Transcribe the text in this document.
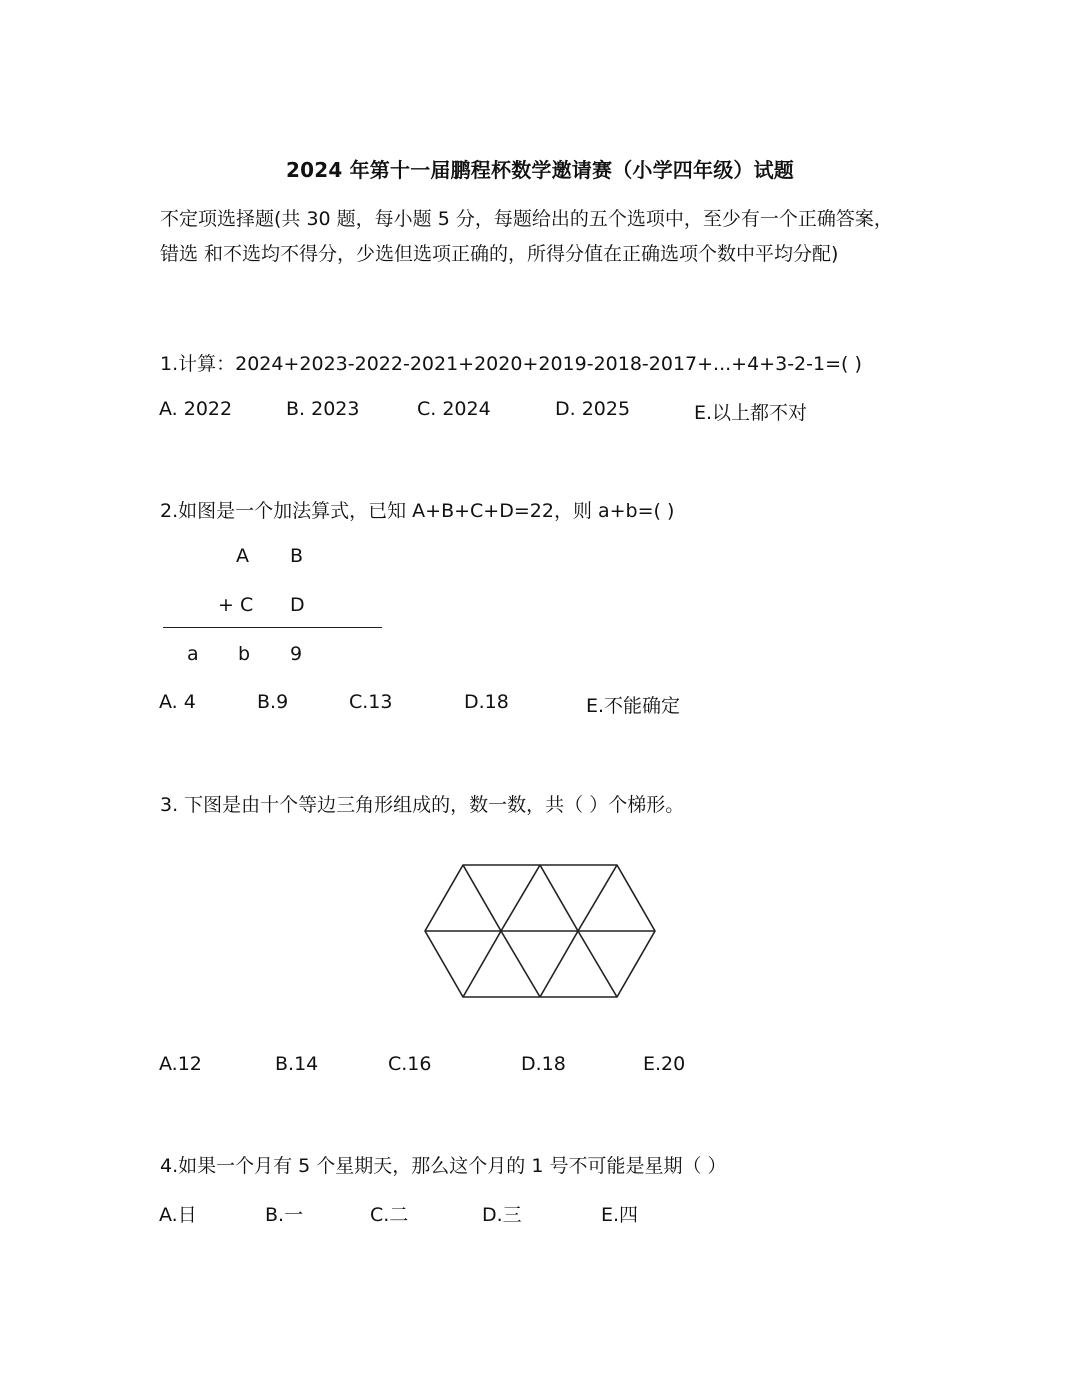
2024 年第十一届鹏程杯数学邀请赛（小学四年级）试题
不定项选择题(共 30 题，每小题 5 分，每题给出的五个选项中，至少有一个正确答案，
错选 和不选均不得分，少选但选项正确的，所得分值在正确选项个数中平均分配)
1.计算：2024+2023-2022-2021+2020+2019-2018-2017+...+4+3-2-1=( )
A. 2022	B. 2023	C. 2024	D. 2025	E.以上都不对
2.如图是一个加法算式，已知 A+B+C+D=22，则 a+b=( )
A B
+ C D
a b 9
A. 4	B.9	C.13	D.18	E.不能确定
3. 下图是由十个等边三角形组成的，数一数，共（ ）个梯形。
A.12	B.14	C.16	D.18	E.20
4.如果一个月有 5 个星期天，那么这个月的 1 号不可能是星期（ ）
A.日	B.一	C.二	D.三	E.四
